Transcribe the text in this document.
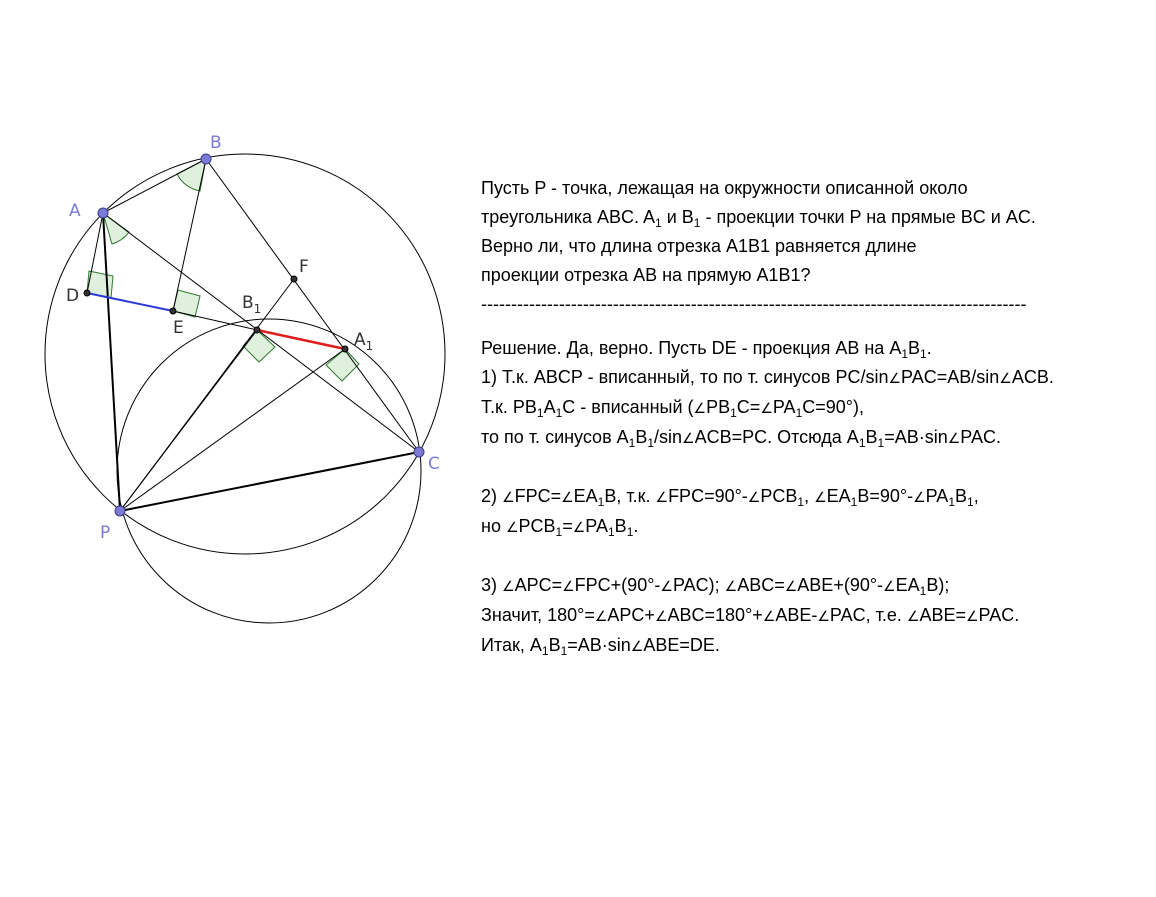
A
B
C
P
D
E
F
$B_1$
$A_1$

Пусть P - точка, лежащая на окружности описанной около

треугольника ABC. $A_1$ и $B_1$ - проекции точки P на прямые BC и AC.

Верно ли, что длина отрезка A1B1 равняется длине

проекции отрезка AB на прямую A1B1?

-------------------------------------------------------------------------------------------

Решение. Да, верно. Пусть DE - проекция AB на $A_1B_1$.

1) Т.к. ABCP - вписанный, то по т. синусов PC/sin∠PAC=AB/sin∠ACB.

Т.к. $PB_1A_1C$ - вписанный $(\angle PB_1C=\angle PA_1C=90^\circ)$,

то по т. синусов $A_1B_1/\sin\angle ACB=PC$. Отсюда $A_1B_1=AB\cdot\sin\angle PAC$.

2) $\angle FPC=\angle EA_1B$, т.к. $\angle FPC=90^\circ-\angle PCB_1$, $\angle EA_1B=90^\circ-\angle PA_1B_1$,

но $\angle PCB_1=\angle PA_1B_1$.

3) ∠APC=∠FPC+(90°-∠PAC); $\angle ABC=\angle ABE+(90^\circ-\angle EA_1B)$;

Значит, 180°=∠APC+∠ABC=180°+∠ABE-∠PAC, т.е. ∠ABE=∠PAC.

Итак, $A_1B_1=AB\cdot\sin\angle ABE=DE$.
